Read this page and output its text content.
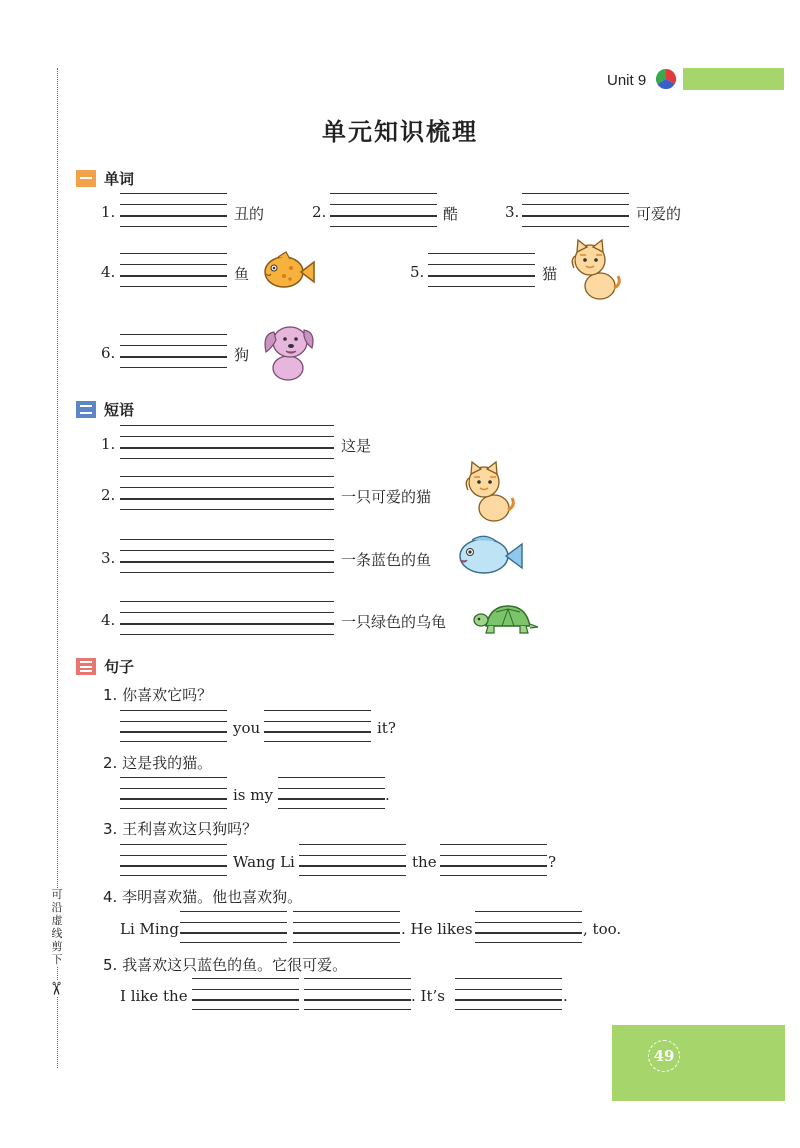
可沿虚线剪下
✂
Unit 9
单元知识梳理
单词
1.	丑的	2.	酷	3.	可爱的
4.	鱼	5.	猫
6.	狗
短语
1.	这是
2.	一只可爱的猫
3.	一条蓝色的鱼
4.	一只绿色的乌龟
句子
1. 你喜欢它吗？
you	it?
2. 这是我的猫。
is my	.
3. 王利喜欢这只狗吗？
Wang Li	the	?
4. 李明喜欢猫。他也喜欢狗。
Li Ming	. He likes	, too.
5. 我喜欢这只蓝色的鱼。它很可爱。
I like the	. It’s	.
49
